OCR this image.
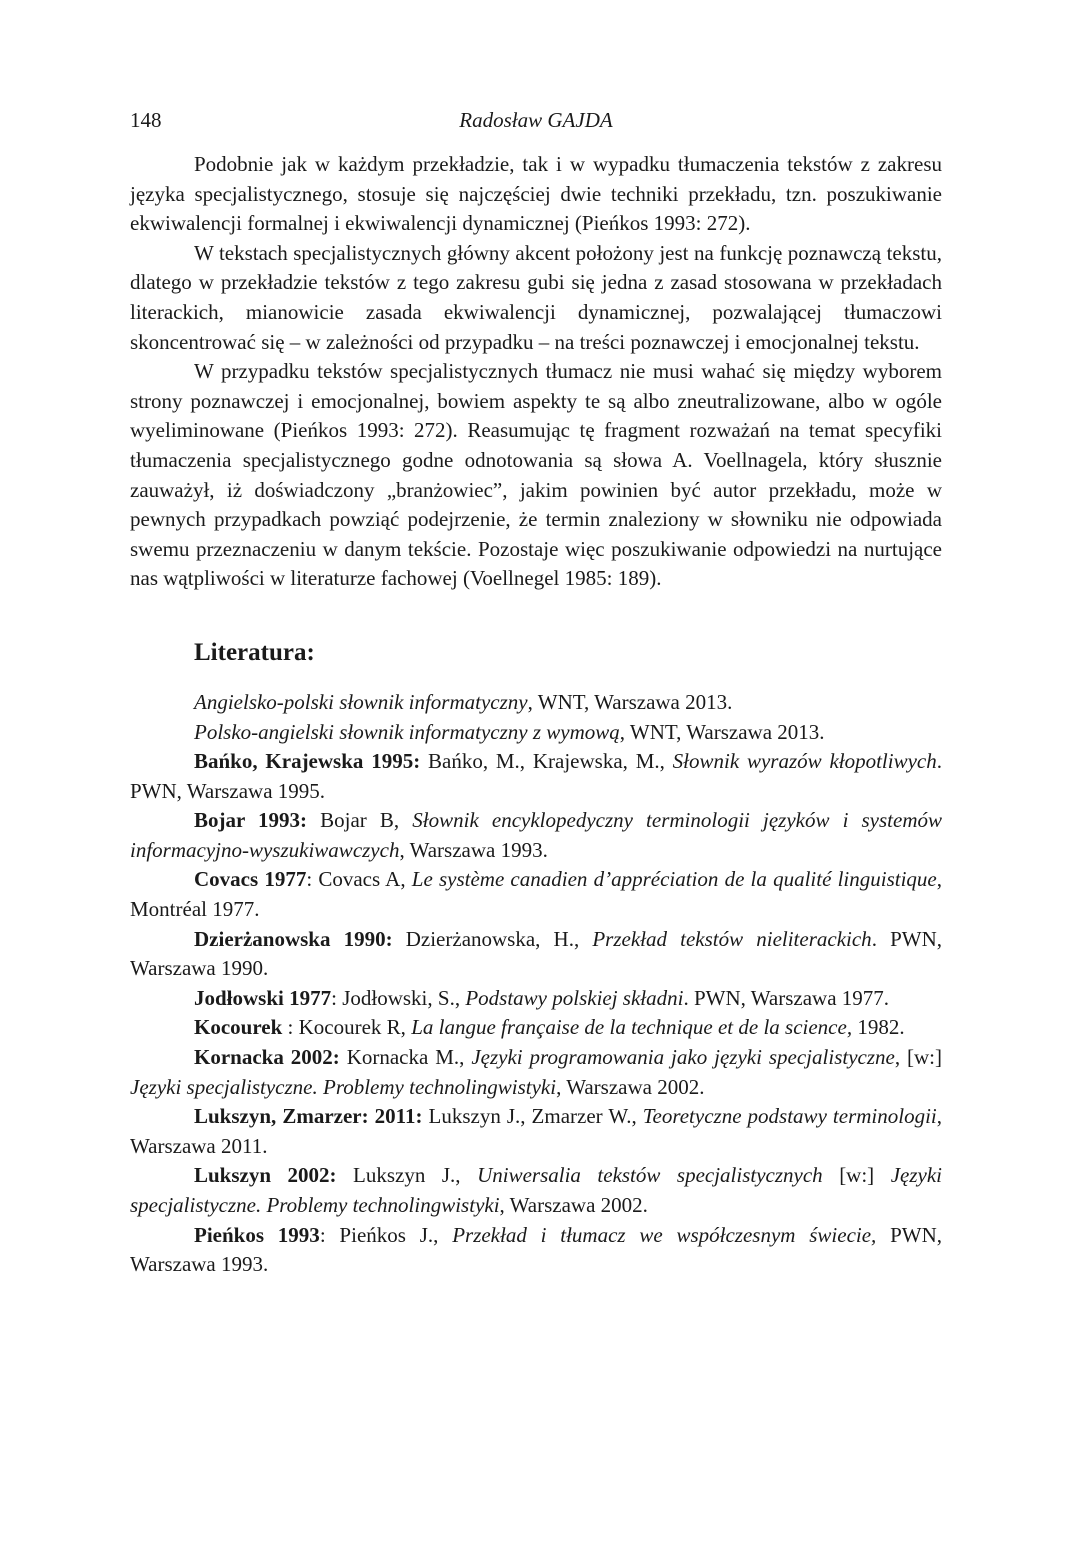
148	Radosław GAJDA

Podobnie jak w każdym przekładzie, tak i w wypadku tłumaczenia tekstów z zakresu języka specjalistycznego, stosuje się najczęściej dwie techniki przekładu, tzn. poszukiwanie ekwiwalencji formalnej i ekwiwalencji dynamicznej (Pieńkos 1993: 272).

W tekstach specjalistycznych główny akcent położony jest na funkcję poznawczą tekstu, dlatego w przekładzie tekstów z tego zakresu gubi się jedna z zasad stosowana w przekładach literackich, mianowicie zasada ekwiwalencji dynamicznej, pozwalającej tłumaczowi skoncentrować się – w zależności od przypadku – na treści poznawczej i emocjonalnej tekstu.

W przypadku tekstów specjalistycznych tłumacz nie musi wahać się między wyborem strony poznawczej i emocjonalnej, bowiem aspekty te są albo zneutralizowane, albo w ogóle wyeliminowane (Pieńkos 1993: 272). Reasumując tę fragment rozważań na temat specyfiki tłumaczenia specjalistycznego godne odnotowania są słowa A. Voellnagela, który słusznie zauważył, iż doświadczony „branżowiec”, jakim powinien być autor przekładu, może w pewnych przypadkach powziąć podejrzenie, że termin znaleziony w słowniku nie odpowiada swemu przeznaczeniu w danym tekście. Pozostaje więc poszukiwanie odpowiedzi na nurtujące nas wątpliwości w literaturze fachowej (Voellnegel 1985: 189).

Literatura:

Angielsko-polski słownik informatyczny, WNT, Warszawa 2013.

Polsko-angielski słownik informatyczny z wymową, WNT, Warszawa 2013.

Bańko, Krajewska 1995: Bańko, M., Krajewska, M., Słownik wyrazów kłopotliwych. PWN, Warszawa 1995.

Bojar 1993: Bojar B, Słownik encyklopedyczny terminologii języków i systemów informacyjno-wyszukiwawczych, Warszawa 1993.

Covacs 1977: Covacs A, Le système canadien d’appréciation de la qualité linguistique, Montréal 1977.

Dzierżanowska 1990: Dzierżanowska, H., Przekład tekstów nieliterackich. PWN, Warszawa 1990.

Jodłowski 1977: Jodłowski, S., Podstawy polskiej składni. PWN, Warszawa 1977.

Kocourek : Kocourek R, La langue française de la technique et de la science, 1982.

Kornacka 2002: Kornacka M., Języki programowania jako języki specjalistyczne, [w:] Języki specjalistyczne. Problemy technolingwistyki, Warszawa 2002.

Lukszyn, Zmarzer: 2011: Lukszyn J., Zmarzer W., Teoretyczne podstawy terminologii, Warszawa 2011.

Lukszyn 2002: Lukszyn J., Uniwersalia tekstów specjalistycznych [w:] Języki specjalistyczne. Problemy technolingwistyki, Warszawa 2002.

Pieńkos 1993: Pieńkos J., Przekład i tłumacz we współczesnym świecie, PWN, Warszawa 1993.
